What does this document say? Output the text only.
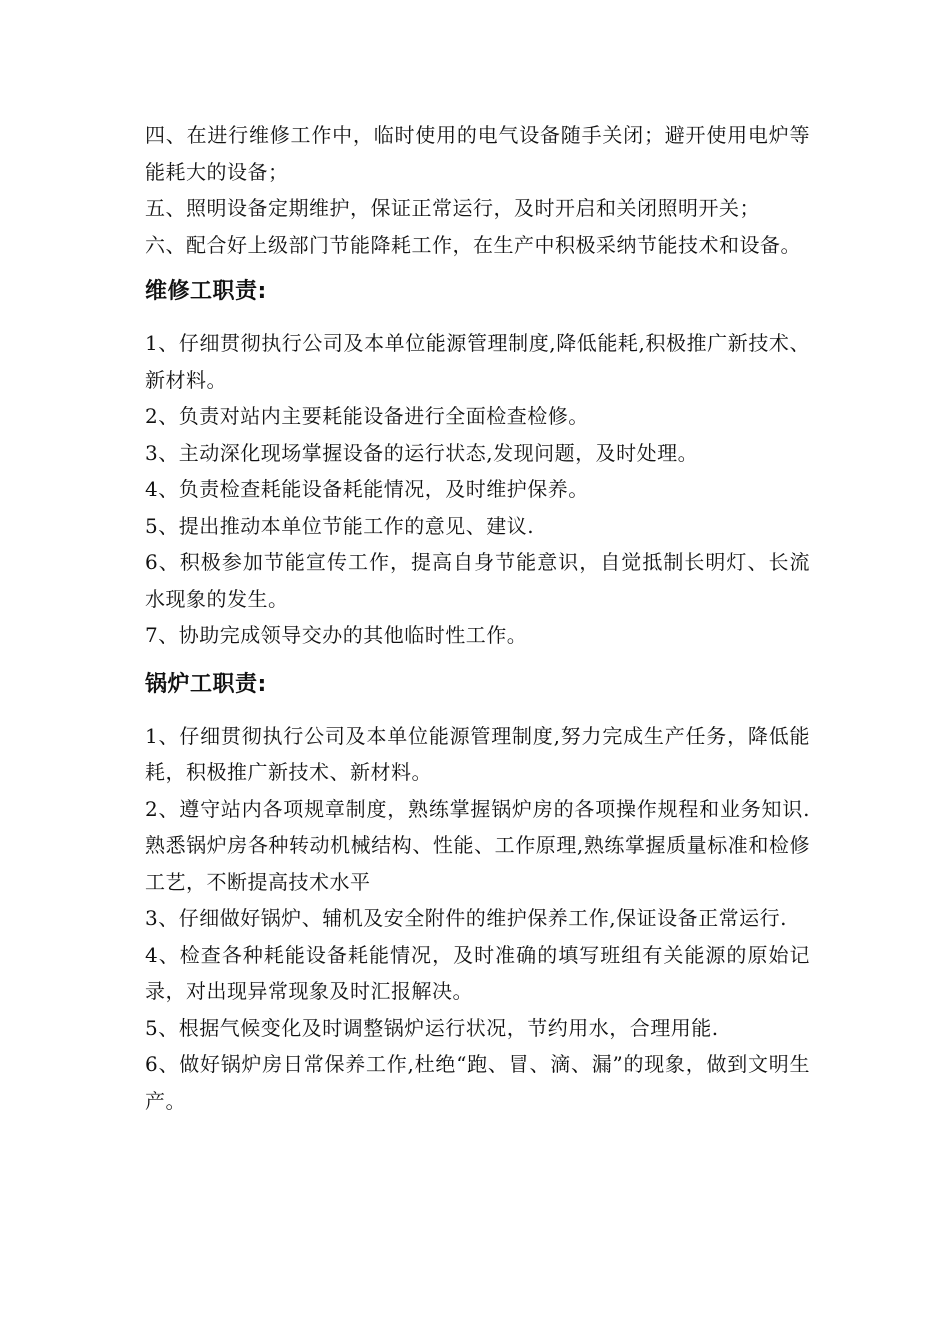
四、在进行维修工作中，临时使用的电气设备随手关闭；避开使用电炉等能耗大的设备；

五、照明设备定期维护，保证正常运行，及时开启和关闭照明开关；

六、配合好上级部门节能降耗工作，在生产中积极采纳节能技术和设备。

维修工职责:

1、仔细贯彻执行公司及本单位能源管理制度,降低能耗,积极推广新技术、新材料。

2、负责对站内主要耗能设备进行全面检查检修。

3、主动深化现场掌握设备的运行状态,发现问题，及时处理。

4、负责检查耗能设备耗能情况，及时维护保养。

5、提出推动本单位节能工作的意见、建议.

6、积极参加节能宣传工作，提高自身节能意识，自觉抵制长明灯、长流水现象的发生。

7、协助完成领导交办的其他临时性工作。

锅炉工职责:

1、仔细贯彻执行公司及本单位能源管理制度,努力完成生产任务，降低能耗，积极推广新技术、新材料。

2、遵守站内各项规章制度，熟练掌握锅炉房的各项操作规程和业务知识.熟悉锅炉房各种转动机械结构、性能、工作原理,熟练掌握质量标准和检修工艺，不断提高技术水平

3、仔细做好锅炉、辅机及安全附件的维护保养工作,保证设备正常运行.

4、检查各种耗能设备耗能情况，及时准确的填写班组有关能源的原始记录，对出现异常现象及时汇报解决。

5、根据气候变化及时调整锅炉运行状况，节约用水，合理用能.

6、做好锅炉房日常保养工作,杜绝“跑、冒、滴、漏”的现象，做到文明生产。
